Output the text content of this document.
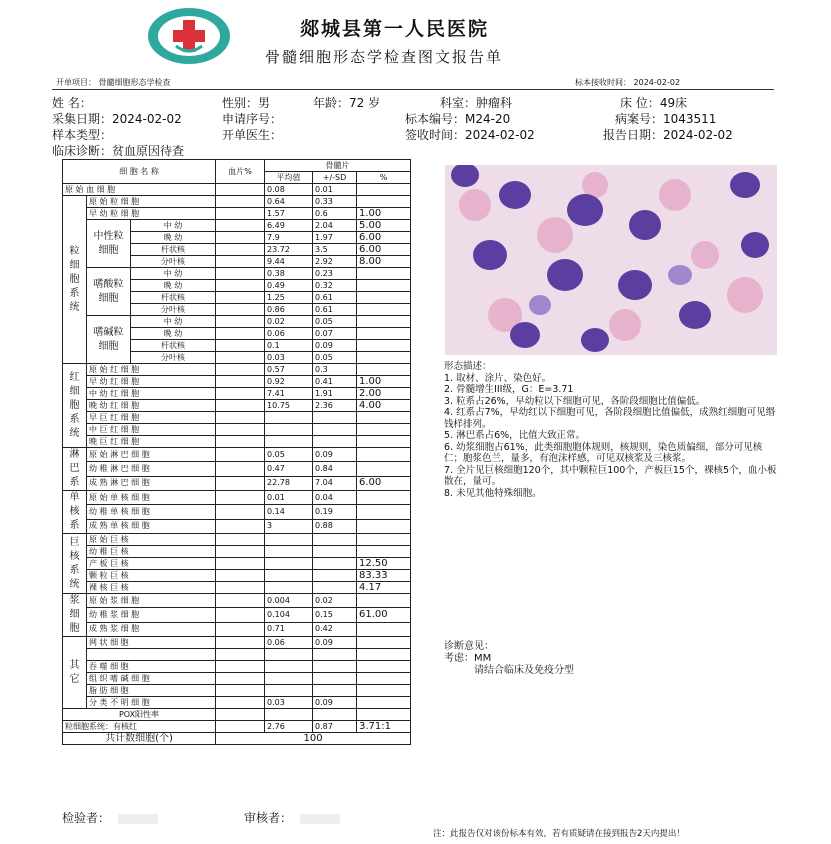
郯城县第一人民医院
骨髓细胞形态学检查图文报告单
开单项目： 骨髓细胞形态学检查	标本接收时间： 2024-02-02
姓 名：	性别：男	年龄：72 岁	科室：肿瘤科	床 位：49床
采集日期：2024-02-02	申请序号：	标本编号：M24-20	病案号：1043511
样本类型：	开单医生：	签收时间：2024-02-02	报告日期：2024-02-02
临床诊断：贫血原因待查
细 胞 名 称			血片%	骨髓片		
				平均值	+/-SD	%
原 始 血 细 胞				0.08	0.01	
粒细胞系统	原 始 粒 细 胞			0.64	0.33	
	早 幼 粒 细 胞			1.57	0.6	1.00
	中性粒细胞	中 幼		6.49	2.04	5.00
		晚 幼		7.9	1.97	6.00
		杆状核		23.72	3.5	6.00
		分叶核		9.44	2.92	8.00
	嗜酸粒细胞	中 幼		0.38	0.23	
		晚 幼		0.49	0.32	
		杆状核		1.25	0.61	
		分叶核		0.86	0.61	
	嗜碱粒细胞	中 幼		0.02	0.05	
		晚 幼		0.06	0.07	
		杆状核		0.1	0.09	
		分叶核		0.03	0.05	
红细胞系统	原 始 红 细 胞			0.57	0.3	
	早 幼 红 细 胞			0.92	0.41	1.00
	中 幼 红 细 胞			7.41	1.91	2.00
	晚 幼 红 细 胞			10.75	2.36	4.00
	早 巨 红 细 胞					
	中 巨 红 细 胞					
	晚 巨 红 细 胞					
淋巴系	原 始 淋 巴 细 胞			0.05	0.09	
	幼 稚 淋 巴 细 胞			0.47	0.84	
	成 熟 淋 巴 细 胞			22.78	7.04	6.00
单核系	原 始 单 核 细 胞			0.01	0.04	
	幼 稚 单 核 细 胞			0.14	0.19	
	成 熟 单 核 细 胞			3	0.88	
巨核系统	原 始 巨 核					
	幼 稚 巨 核					
	产 板 巨 核					12.50
	颗 粒 巨 核					83.33
	裸 核 巨 核					4.17
浆细胞	原 始 浆 细 胞			0.004	0.02	
	幼 稚 浆 细 胞			0.104	0.15	61.00
	成 熟 浆 细 胞			0.71	0.42	
其它	网 状 细 胞			0.06	0.09	

	吞 噬 细 胞					
	组 织 嗜 碱 细 胞					
	脂 肪 细 胞					
	分 类 不 明 细 胞			0.03	0.09	
POX阳性率						
粒细胞系统：有核红				2.76	0.87	3.71:1
共计数细胞(个)			100			
形态描述：
1. 取材、涂片、染色好。
2. 骨髓增生III级，G：E=3.71
3. 粒系占26%，早幼粒以下细胞可见，各阶段细胞比值偏低。
4. 红系占7%，早幼红以下细胞可见，各阶段细胞比值偏低，成熟红细胞可见缗钱样排列。
5. 淋巴系占6%，比值大致正常。
6. 幼浆细胞占61%，此类细胞胞体规则，核规则，染色质偏细，部分可见核仁；胞浆色兰，量多，有泡沫样感，可见双核浆及三核浆。
7. 全片见巨核细胞120个，其中颗粒巨100个，产板巨15个，裸核5个，血小板散在，量可。
8. 未见其他特殊细胞。
诊断意见：
考虑：MM
请结合临床及免疫分型
检验者：	审核者：
注：此报告仅对该份标本有效，若有质疑请在接到报告2天内提出！
